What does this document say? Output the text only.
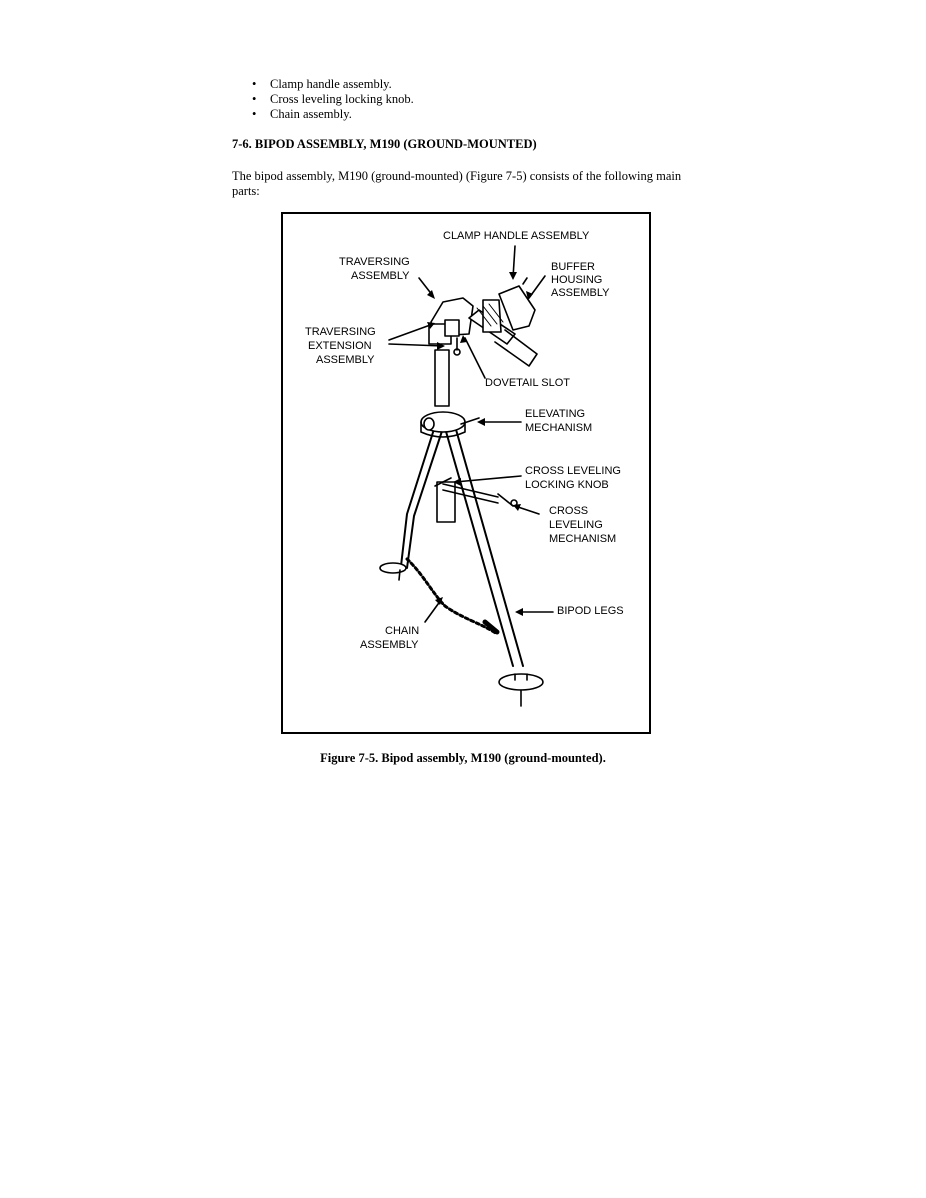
• Clamp handle assembly.
• Cross leveling locking knob.
• Chain assembly.

7-6. BIPOD ASSEMBLY, M190 (GROUND-MOUNTED)

The bipod assembly, M190 (ground-mounted) (Figure 7-5) consists of the following main parts:

CLAMP HANDLE ASSEMBLY
TRAVERSING
ASSEMBLY
BUFFER
HOUSING
ASSEMBLY
TRAVERSING
EXTENSION
ASSEMBLY
DOVETAIL SLOT
ELEVATING
MECHANISM
CROSS LEVELING
LOCKING KNOB
CROSS
LEVELING
MECHANISM
BIPOD LEGS
CHAIN
ASSEMBLY

Figure 7-5. Bipod assembly, M190 (ground-mounted).
